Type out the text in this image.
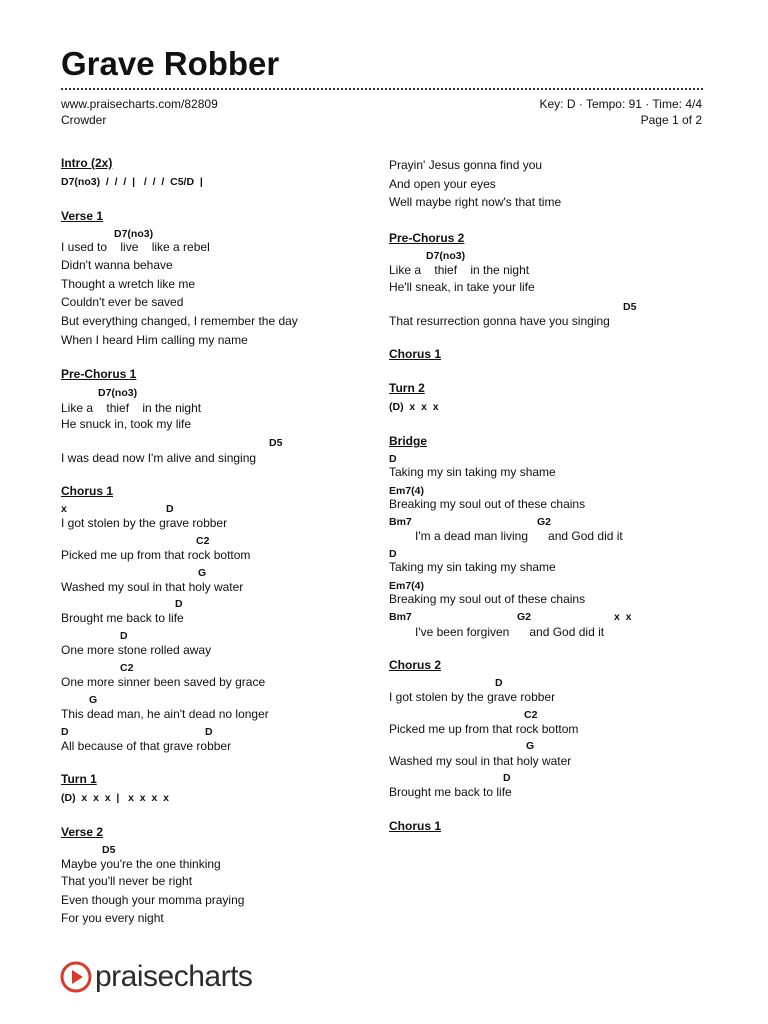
Grave Robber
www.praisecharts.com/82809
Crowder
Key: D · Tempo: 91 · Time: 4/4
Page 1 of 2
Intro (2x)
D7(no3)  /  /  /  |   /  /  /  C5/D  |
Verse 1
D7(no3)
I used to    live    like a rebel
Didn't wanna behave
Thought a wretch like me
Couldn't ever be saved
But everything changed, I remember the day
When I heard Him calling my name
Pre-Chorus 1
D7(no3)
Like a    thief    in the night
He snuck in, took my life
D5
I was dead now I'm alive and singing
Chorus 1
x	D
I got stolen by the grave robber
C2
Picked me up from that rock bottom
G
Washed my soul in that holy water
D
Brought me back to life
D
One more stone rolled away
C2
One more sinner been saved by grace
G
This dead man, he ain't dead no longer
D	D
All because of that grave robber
Turn 1
(D)  x  x  x  |   x  x  x  x
Verse 2
D5
Maybe you're the one thinking
That you'll never be right
Even though your momma praying
For you every night
Prayin' Jesus gonna find you
And open your eyes
Well maybe right now's that time
Pre-Chorus 2
D7(no3)
Like a    thief    in the night
He'll sneak, in take your life
D5
That resurrection gonna have you singing
Chorus 1
Turn 2
(D)  x  x  x
Bridge
D
Taking my sin taking my shame
Em7(4)
Breaking my soul out of these chains
Bm7	G2
I'm a dead man living      and God did it
D
Taking my sin taking my shame
Em7(4)
Breaking my soul out of these chains
Bm7	G2	x  x
I've been forgiven      and God did it
Chorus 2
D
I got stolen by the grave robber
C2
Picked me up from that rock bottom
G
Washed my soul in that holy water
D
Brought me back to life
Chorus 1
praisecharts
